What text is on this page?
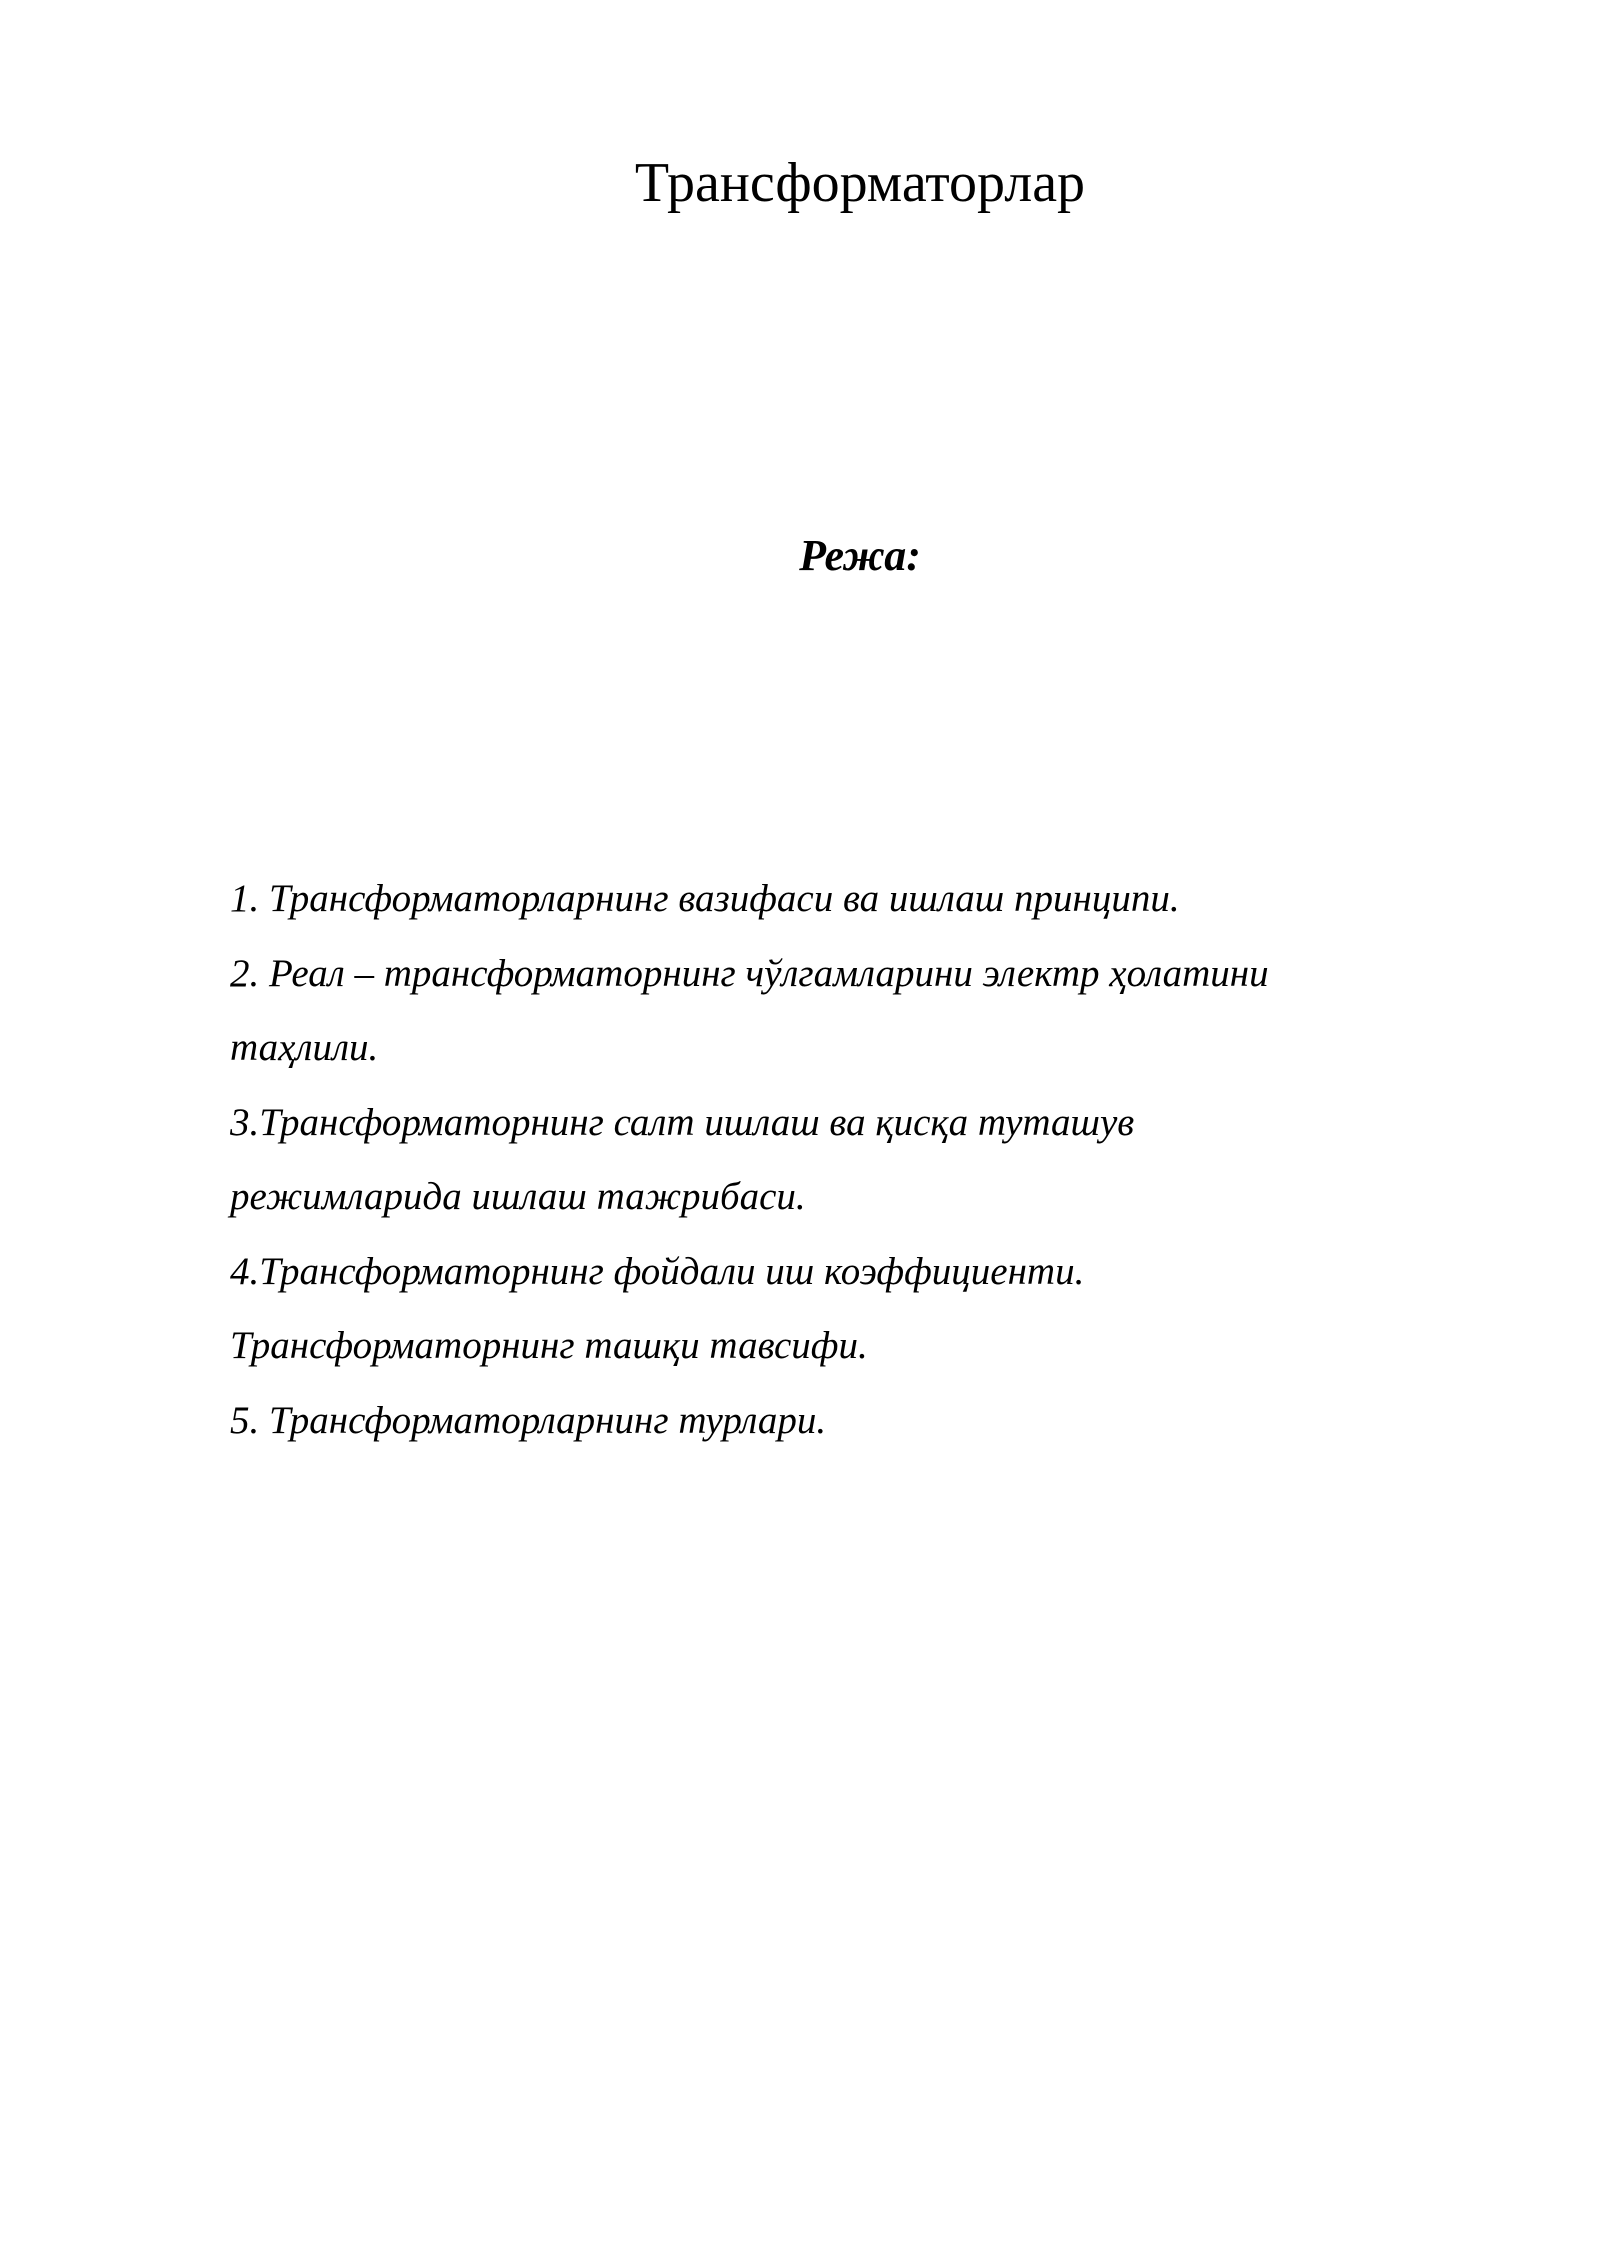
Трансформаторлар
Режа:
1. Трансформаторларнинг вазифаси ва ишлаш принципи.
2. Реал – трансформаторнинг чўлгамларини электр ҳолатини
таҳлили.
3.Трансформаторнинг салт ишлаш ва қисқа туташув
режимларида ишлаш тажрибаси.
4.Трансформаторнинг фойдали иш коэффициенти.
Трансформаторнинг ташқи тавсифи.
5. Трансформаторларнинг турлари.
